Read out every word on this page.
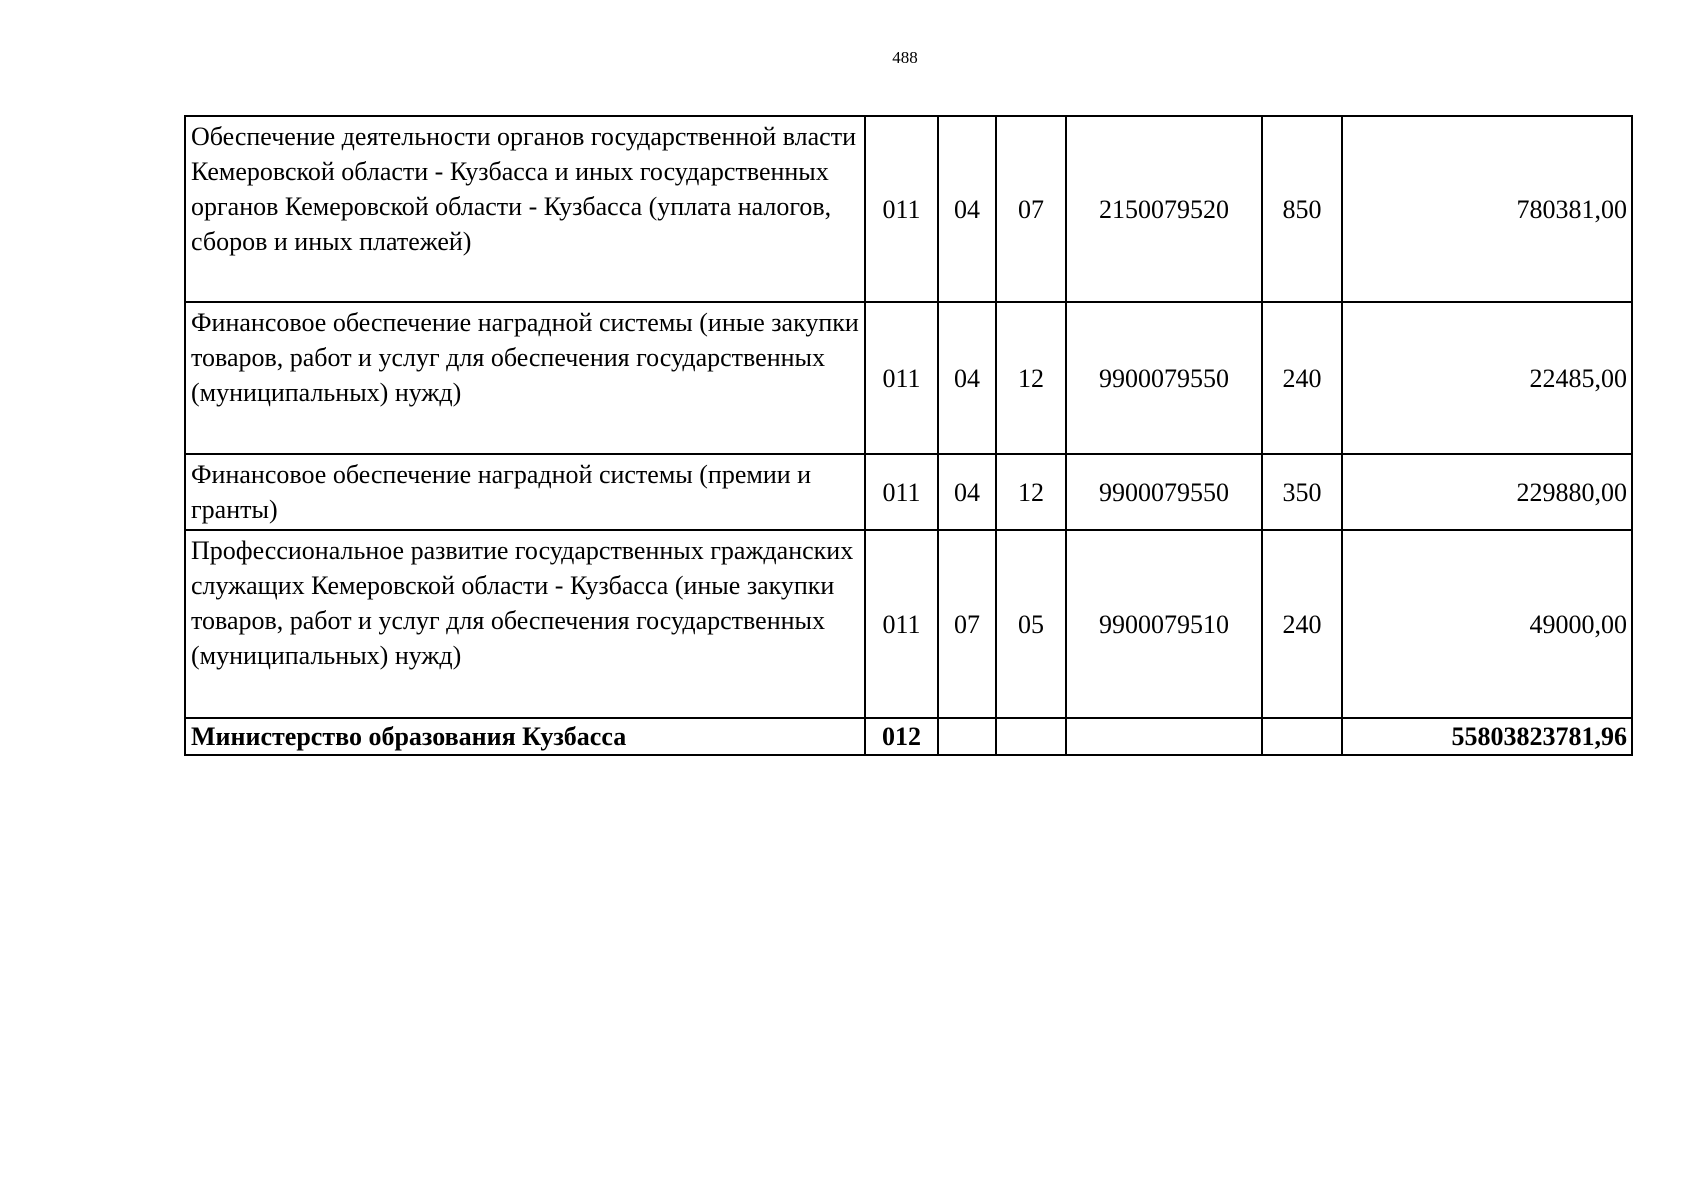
488
Обеспечение деятельности органов государственной власти Кемеровской области - Кузбасса и иных государственных органов Кемеровской области - Кузбасса (уплата налогов, сборов и иных платежей)	011	04	07	2150079520	850	780381,00
Финансовое обеспечение наградной системы (иные закупки товаров, работ и услуг для обеспечения государственных (муниципальных) нужд)	011	04	12	9900079550	240	22485,00
Финансовое обеспечение наградной системы (премии и гранты)	011	04	12	9900079550	350	229880,00
Профессиональное развитие государственных гражданских служащих Кемеровской области - Кузбасса (иные закупки товаров, работ и услуг для обеспечения государственных (муниципальных) нужд)	011	07	05	9900079510	240	49000,00
Министерство образования Кузбасса	012					55803823781,96
